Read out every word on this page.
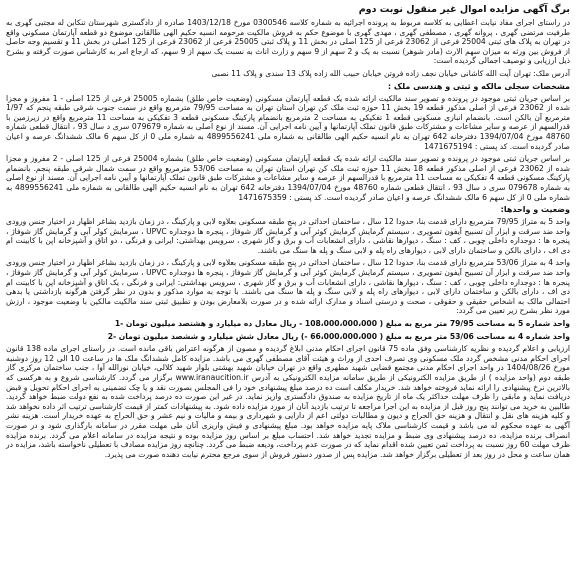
برگ آگهی مزایده اموال غیر منقول نوبت دوم
در راستای اجرای مفاد نیابت اعطایی به کلاسه مربوط به پرونده اجرائیه به شماره کلاسه 0300546 مورخ 1403/12/18 صادره از دادگستری شهرستان تنکابن له مجتبی گهری به طرفیت مرتضی گهری ، پروانه گهری ، مصطفی گهری ، مهدی گهری با موضوع حکم به فروش مالکیت مرحومه انسیه حکیم الهی طالقانی موضوع دو قطعه آپارتمان مسکونی واقع در تهران به پلاک های ثبتی 25004 فرعی از 23062 فرعی از 125 اصلی در بخش 11 و پلاک ثبتی 25005 فرعی از 23062 فرعی از 125 اصلی در بخش 11 و تقسیم وجه حاصل از فروش بین ورثه به میزان سهم الارث (مادر شوهر) نسبت به یک و 2 سهم از 9 سهم و زارث اناث به نسبت یک سهم از 9 سهم، که ارجاع امر به کارشناس صورت گرفته و بشرح ذیل ارزیابی و توصیف اجمالی گردیده است:
آدرس ملک: تهران آیت الله کاشانی خیابان نجف زاده فروتن خیابان حبیب الله زاده پلاک 13 سندی و پلاک 11 نصبی
مشخصات سجلی مالکه و ثبتی و هندسی ملک :
بر اساس جریان ثبتی موجود در پرونده و تصویر سند مالکیت ارائه شده یک قطعه آپارتمان مسکونی (وضعیت خاص طلق) بشماره 25005 فرعی از 125 اصلی - 1 مفروز و مجزا شده از 23062 فرعی از اصلی مذکور قطعه 19 بخش 11 حوزه ثبت ملک کن تهران استان تهران به مساحت 79/95 مترمربع واقع در سمت جنوب شرقی طبقه پنجم که 1/97 مترمربع آن بالکن است. بانضمام انباری مسکونی قطعه 1 تفکیکی به مساحت 2 مترمربع بانضمام پارکینگ مسکونی قطعه 3 تفکیکی به مساحت 11 مترمربع واقع در زیرزمین با قدرالسهم از عرصه و سایر مشاعات و مشترکات طبق قانون تملک آپارتمانها و آیین نامه اجرایی آن. مسند از نوع اصلی به شماره 079679 سری د سال 93 ، انتقال قطعی شماره 48760 مورخ 1394/07/04 دفترخانه 642 تهران به نام انسیه حکیم الهی طالقانی به شماره ملی 4899556241 به شماره ملی 0 از کل سهم 6 مالک ششدانگ عرصه و اعیان صادر گردیده است. کد پستی : 1471675194
بر اساس جریان ثبتی موجود در پرونده و تصویر سند مالکیت ارائه شده یک قطعه آپارتمان مسکونی (وضعیت خاص طلق) بشماره 25004 فرعی از 125 اصلی - 2 مفروز و مجزا شده از 23062 فرعی از اصلی مذکور قطعه 18 بخش 11 حوزه ثبت ملک کن تهران استان تهران به مساحت 53/06 مترمربع واقع در سمت شمال شرقی طبقه پنجم. بانضمام پارکینگ مسکونی قطعه 4 تفکیکی به مساحت 11 مترمربع با قدرالسهم از عرصه و سایر مشاعات و مشترکات طبق قانون تملک آپارتمانها و آیین نامه اجرایی آن. مسند از نوع اصلی به شماره 079678 سری د سال 93 ، انتقال قطعی شماره 48760 مورخ 1394/07/04 دفترخانه 642 تهران به نام انسیه حکیم الهی طالقانی به شماره ملی 4899556241 به شماره ملی 0 از کل سهم 6 مالک ششدانگ عرصه و اعیان صادر گردیده است. کد پستی : 1471675359
وضعیت و واحدها:
واحد 5 به متراژ 79/95 مترمربع دارای قدمت بنا، حدودا 12 سال ، ساختمان احداثی در پنج طبقه مسکونی بعلاوه لابی و پارکینگ ، در زمان بازدید بشاغر اظهار در اختیار جنس ورودی واحد ضد سرقت و ابزار آن تسبیح آیفون تصویری ، سیستم گرمایش گرمایش کوئر آبی و گرمایش گاز شوفاژ ، پنجره ها دوجداره UPVC ، سرمایش کولر آبی و گرمایش گاز شوفاژ ، پنجره ها : دوجداره داخلی چوبی ، کف : سنگ ، دیوارها نقاشی ، دارای انشعابات آب و برق و گاز شهری ، سرویس بهداشتی: ایرانی و فرنگی ، دو اتاق و آشپزخانه اپن با کابینت ام دی اف ، دارای بالکن و ساختمان دارای لابی ، دیوارهای راه پله و لابی سنگ و پله ها سنگ می باشند.
واحد 4 به متراژ 53/06 مترمربع دارای قدمت بنا، حدودا 12 سال ، ساختمان احداثی در پنج طبقه مسکونی بعلاوه لابی و پارکینگ ، در زمان بازدید بشاغر اظهار در اختیار جنس ورودی واحد ضد سرقت و ابزار آن تسبیح آیفون تصویری ، سیستم گرمایش گرمایش کوئر آبی و گرمایش گاز شوفاژ ، پنجره ها دوجداره UPVC ، سرمایش کولر آبی و گرمایش گاز شوفاژ ، پنجره ها : دوجداره داخلی چوبی ، کف : سنگ ، دیوارها نقاشی ، دارای انشعابات آب و برق و گاز شهری ، سرویس بهداشتی: ایرانی و فرنگی ، یک اتاق و آشپزخانه اپن با کابینت ام دی اف ، دارای بالکن و ساختمان دارای لابی ، دیوارهای راه پله و لابی سنگ و پله ها سنگ می باشند. با توجه به موارد مذکور و بدون در نظر گرفتن هرگونه بازداشتی یا بدهی احتمالی مالک به اشخاص حقیقی و حقوقی ، صحت و درستی اسناد و مدارک ارائه شده و در صورت بلامعارض بودن و تطبیق ثبتی سند مالکیت مالکین با وضعیت موجود ، ارزش مورد نظر بشرح زیر تعیین می گردد:
واحد شماره 5 به مساحت 79/95 متر مربع به مبلغ ( 108،000،000،000 - ریال معادل ده میلیارد و هشتصد میلیون تومان -1
واحد شماره 4 به مساحت 53/06 متر مربع به مبلغ ( 66،000،000،000 -) ریال معادل شش میلیارد و ششصد میلیون تومان -2
ارزیابی و اعلام گردیده و نظریه کارشناسی وفق ماده 75 قانون اجرای احکام مدنی ابلاغ گردیده و مصون از هرگونه اعتراض باقی مانده است. در راستای اجرای ماده 138 قانون اجرای احکام مدنی مشخص گردد ملک مسکونی وی تصرف احدی از وراث و هیئت آقای مصطفی گهری می باشد. مزایده کامل ششدانگ ملک ها در ساعت 10 الی 12 روز دوشنبه مورخ 1404/08/26 در واحد اجرای احکام مدنی مجتمع قضایی شهید مطهری واقع در تهران خیابان شهید بهشتی بلوار شهید کلالی، خیابان نورالله آوا ، جنب ساختمان مرکزی گاز طبقه دوم (واحد مزایده ) از طریق مزایده الکترونیکی از طریق سامانه مزایده الکترونیکی به آدرس www.iranaucition.ir برگزار می گردد. کارشناسی شروع و به هرکسی که بالاترین نرخ پیشنهادی را ارائه نماید فروخته خواهد شد. خریدار مکلف است ده درصد مبلغ پیشنهادی خود را فی المجلس بصورت نقد و یا چک تضمینی به اجرای احکام تحویل و قبض دریافت نماید و مابقی را ظرف مهلت حداکثر یک ماه از تاریخ مزایده به صندوق دادگستری واریز نماید. در غیر این صورت ده درصد پرداخت شده به نفع دولت ضبط خواهد گردید. طالبین به خرید می توانند پنج روز قبل از مزایده به این اجرا مراجعه تا ترتیب بازدید آنان از مورد مزایده داده شود. به پیشنهادات کمتر از قیمت کارشناسی ترتیب اثر داده نخواهد شد و کلیه هزینه های نقل و انتقال و هزینه حق الحراج و دیون و مطالبات دولتی اعم از دارایی و شهرداری و بیمه و مالیات و نیم عشر و حق الحراج به عهده خریدار است. هزینه نشر آگهی به عهده محکوم له می باشد و قیمت کارشناسی ملاک پایه مزایده خواهد بود. مبلغ پیشنهادی و فیش واریزی آنان طی مهلت مقرر در سامانه بارگذاری شود و در صورت انصراف برنده مزایده، ده درصد پیشنهادی وی ضبط و مزایده تجدید خواهد شد. احتساب مبلغ بر اساس روز مزایده بوده و نتیجه مزایده در سامانه اعلام می گردد. برنده مزایده ظرف مهلت 60 روز نسبت به پرداخت ثمن تعیین شده اقدام نماید که در صورت عدم پرداخت، ودیعه ضبط می گردد. چنانچه روز مزایده مصادف با تعطیلی ناخواسته باشد، مزایده در همان ساعت و محل در روز بعد از تعطیلی برگزار خواهد شد. مزایده پس از صدور دستور فروش از سوی مرجع محترم نیابت دهنده صورت می پذیرد.
